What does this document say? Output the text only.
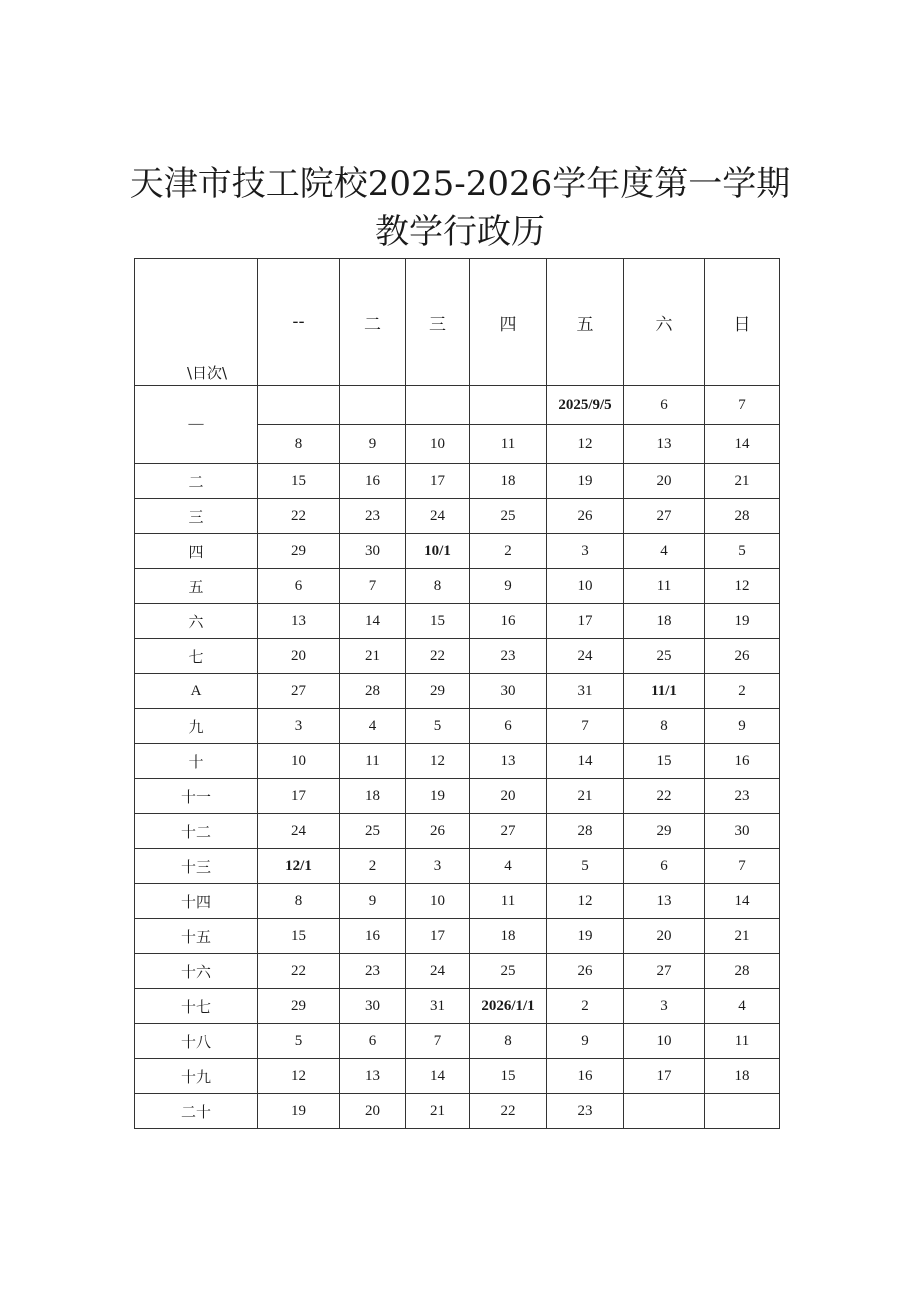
天津市技工院校2025-2026学年度第一学期
教学行政历
\日次\	--	二	三	四	五	六	日
—					2025/9/5	6	7
	8	9	10	11	12	13	14
二	15	16	17	18	19	20	21
三	22	23	24	25	26	27	28
四	29	30	10/1	2	3	4	5
五	6	7	8	9	10	11	12
六	13	14	15	16	17	18	19
七	20	21	22	23	24	25	26
A	27	28	29	30	31	11/1	2
九	3	4	5	6	7	8	9
十	10	11	12	13	14	15	16
十一	17	18	19	20	21	22	23
十二	24	25	26	27	28	29	30
十三	12/1	2	3	4	5	6	7
十四	8	9	10	11	12	13	14
十五	15	16	17	18	19	20	21
十六	22	23	24	25	26	27	28
十七	29	30	31	2026/1/1	2	3	4
十八	5	6	7	8	9	10	11
十九	12	13	14	15	16	17	18
二十	19	20	21	22	23		
